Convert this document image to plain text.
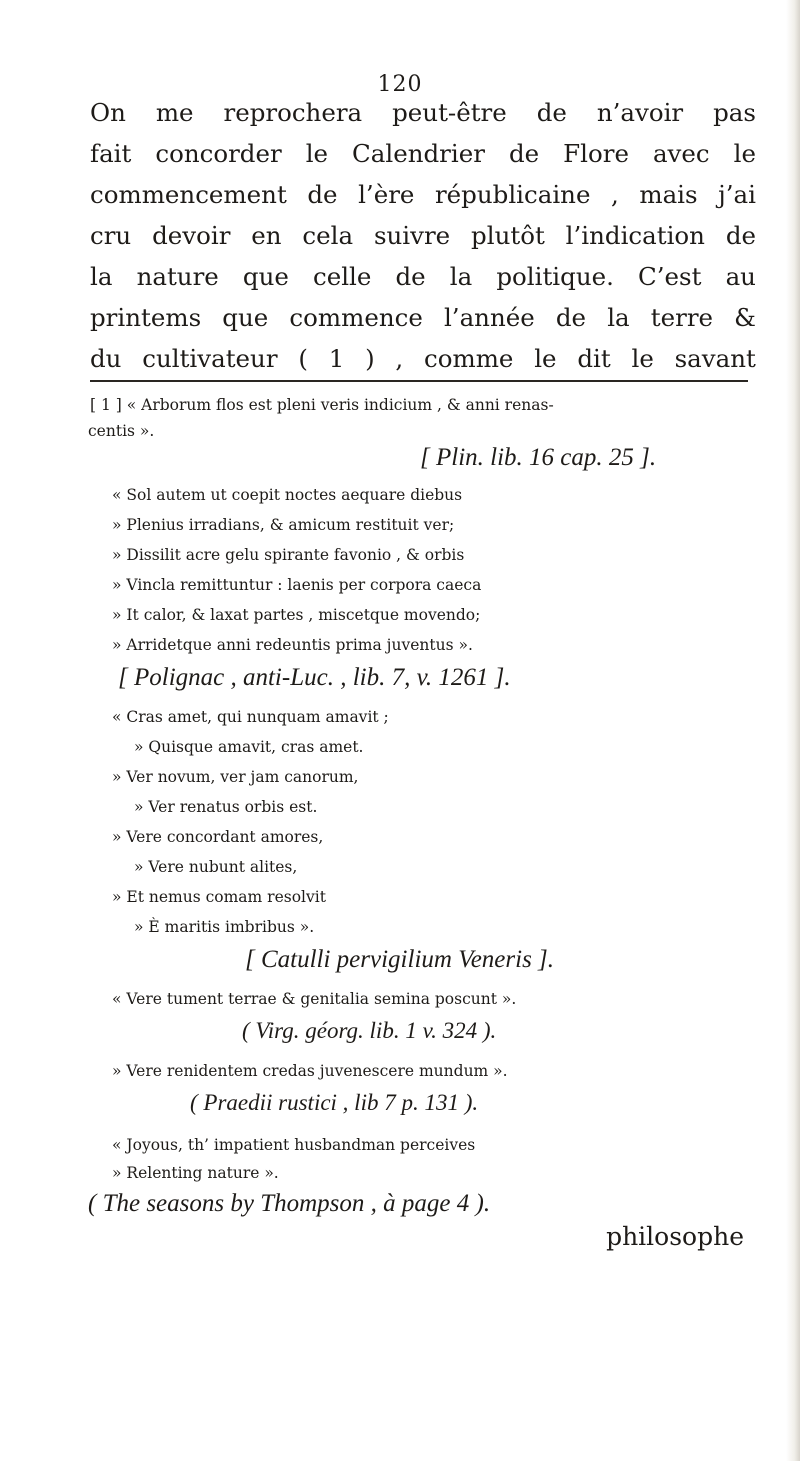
120
On me reprochera peut-être de n’avoir pas
fait concorder le Calendrier de Flore avec le
commencement de l’ère républicaine , mais j’ai
cru devoir en cela suivre plutôt l’indication de
la nature que celle de la politique. C’est au
printems que commence l’année de la terre &
du cultivateur ( 1 ) , comme le dit le savant
[ 1 ] « Arborum flos est pleni veris indicium , & anni renas-
centis ».
[ Plin. lib. 16 cap. 25 ].
« Sol autem ut coepit noctes aequare diebus
» Plenius irradians, & amicum restituit ver;
» Dissilit acre gelu spirante favonio , & orbis
» Vincla remittuntur : laenis per corpora caeca
» It calor, & laxat partes , miscetque movendo;
» Arridetque anni redeuntis prima juventus ».
[ Polignac , anti-Luc. , lib. 7, v. 1261 ].
« Cras amet, qui nunquam amavit ;
» Quisque amavit, cras amet.
» Ver novum, ver jam canorum,
» Ver renatus orbis est.
» Vere concordant amores,
» Vere nubunt alites,
» Et nemus comam resolvit
» È maritis imbribus ».
[ Catulli pervigilium Veneris ].
« Vere tument terrae & genitalia semina poscunt ».
( Virg. géorg. lib. 1 v. 324 ).
» Vere renidentem credas juvenescere mundum ».
( Praedii rustici , lib 7 p. 131 ).
« Joyous, th’ impatient husbandman perceives
» Relenting nature ».
( The seasons by Thompson , à page 4 ).
philosophe
